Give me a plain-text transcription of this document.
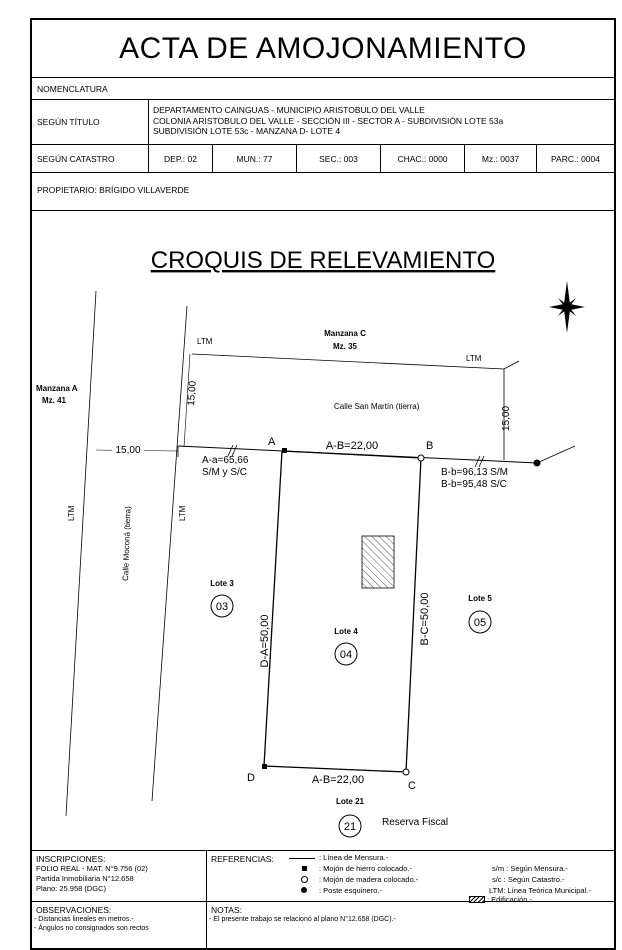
ACTA DE AMOJONAMIENTO
NOMENCLATURA
SEGÚN TÍTULO
DEPARTAMENTO CAINGUAS - MUNICIPIO ARISTOBULO DEL VALLE
COLONIA ARISTOBULO DEL VALLE - SECCIÓN III - SECTOR A - SUBDIVISIÓN LOTE 53a
SUBDIVISIÓN LOTE 53c - MANZANA D- LOTE 4
SEGÚN CATASTRO	DEP.: 02	MUN.: 77	SEC.: 003	CHAC.: 0000	Mz.: 0037	PARC.: 0004
PROPIETARIO: BRÍGIDO VILLAVERDE
CROQUIS DE RELEVAMIENTO
15,00
15,00
15,00
Manzana C
Mz. 35
Manzana A
Mz. 41
LTM
LTM
LTM	LTM
Calle San Martín (tierra)
Calle Moconá (tierra)
A	B
C
D
A-B=22,00
A-B=22,00
D-A=50,00	B-C=50,00
A-a=65,66
S/M y S/C	B-b=96,13 S/M
B-b=95,48 S/C
Lote 3
03
Lote 4
04
Lote 5
05
Lote 21
21	Reserva Fiscal
INSCRIPCIONES:
FOLIO REAL - MAT. N°9.756 (02)
Partida Inmobiliaria N°12.658
Plano: 25.958 (DGC)
REFERENCIAS:	: Línea de Mensura.-
: Mojón de hierro colocado.-
: Mojón de madera colocado.-
: Poste esquinero.-
s/m : Según Mensura.-
s/c : Según Catastro.-
LTM: Línea Teórica Municipal.-
: Edificación.-
OBSERVACIONES:
- Distancias lineales en metros.-
- Ángulos no consignados son rectos
NOTAS:
- El presente trabajo se relacionó al plano N°12.658 (DGC).-
